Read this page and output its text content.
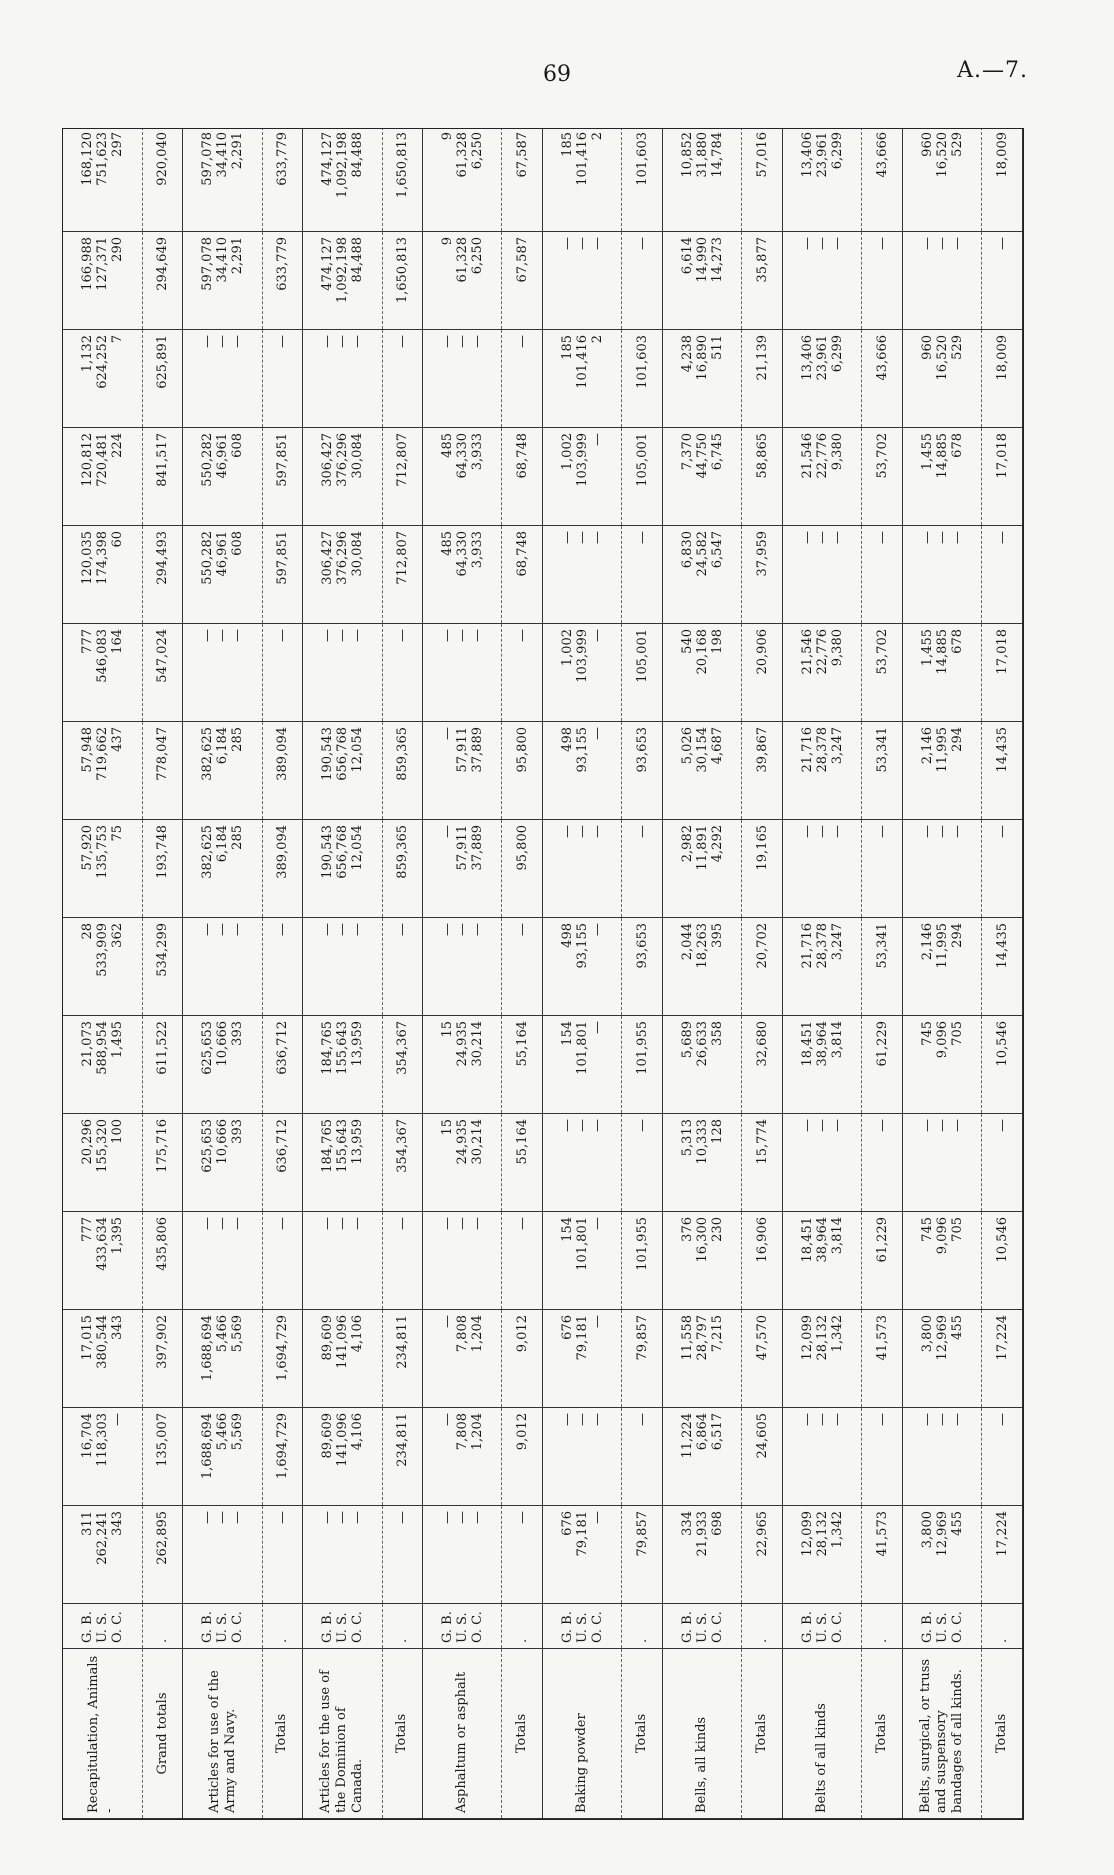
69	A.—7.
Recapitulation, Animals -	G. B.
U. S.
O. C.	311
262,241
343	16,704
118,303
—	17,015
380,544
343	777
433,634
1,395	20,296
155,320
100	21,073
588,954
1,495	28
533,909
362	57,920
135,753
75	57,948
719,662
437	777
546,083
164	120,035
174,398
60	120,812
720,481
224	1,132
624,252
7	166,988
127,371
290	168,120
751,623
297
Grand totals	.	262,895	135,007	397,902	435,806	175,716	611,522	534,299	193,748	778,047	547,024	294,493	841,517	625,891	294,649	920,040
Articles for use of the Army and Navy.	G. B.
U. S.
O. C.	—
—
—	1,688,694
5,466
5,569	1,688,694
5,466
5,569	—
—
—	625,653
10,666
393	625,653
10,666
393	—
—
—	382,625
6,184
285	382,625
6,184
285	—
—
—	550,282
46,961
608	550,282
46,961
608	—
—
—	597,078
34,410
2,291	597,078
34,410
2,291
Totals	.	—	1,694,729	1,694,729	—	636,712	636,712	—	389,094	389,094	—	597,851	597,851	—	633,779	633,779
Articles for the use of the Dominion of Canada.	G. B.
U. S.
O. C.	—
—
—	89,609
141,096
4,106	89,609
141,096
4,106	—
—
—	184,765
155,643
13,959	184,765
155,643
13,959	—
—
—	190,543
656,768
12,054	190,543
656,768
12,054	—
—
—	306,427
376,296
30,084	306,427
376,296
30,084	—
—
—	474,127
1,092,198
84,488	474,127
1,092,198
84,488
Totals	.	—	234,811	234,811	—	354,367	354,367	—	859,365	859,365	—	712,807	712,807	—	1,650,813	1,650,813
Asphaltum or asphalt	G. B.
U. S.
O. C.	—
—
—	—
7,808
1,204	—
7,808
1,204	—
—
—	15
24,935
30,214	15
24,935
30,214	—
—
—	—
57,911
37,889	—
57,911
37,889	—
—
—	485
64,330
3,933	485
64,330
3,933	—
—
—	9
61,328
6,250	9
61,328
6,250
Totals	.	—	9,012	9,012	—	55,164	55,164	—	95,800	95,800	—	68,748	68,748	—	67,587	67,587
Baking powder	G. B.
U. S.
O. C.	676
79,181
—	—
—
—	676
79,181
—	154
101,801
—	—
—
—	154
101,801
—	498
93,155
—	—
—
—	498
93,155
—	1,002
103,999
—	—
—
—	1,002
103,999
—	185
101,416
2	—
—
—	185
101,416
2
Totals	.	79,857	—	79,857	101,955	—	101,955	93,653	—	93,653	105,001	—	105,001	101,603	—	101,603
Bells, all kinds	G. B.
U. S.
O. C.	334
21,933
698	11,224
6,864
6,517	11,558
28,797
7,215	376
16,300
230	5,313
10,333
128	5,689
26,633
358	2,044
18,263
395	2,982
11,891
4,292	5,026
30,154
4,687	540
20,168
198	6,830
24,582
6,547	7,370
44,750
6,745	4,238
16,890
511	6,614
14,990
14,273	10,852
31,880
14,784
Totals	.	22,965	24,605	47,570	16,906	15,774	32,680	20,702	19,165	39,867	20,906	37,959	58,865	21,139	35,877	57,016
Belts of all kinds	G. B.
U. S.
O. C.	12,099
28,132
1,342	—
—
—	12,099
28,132
1,342	18,451
38,964
3,814	—
—
—	18,451
38,964
3,814	21,716
28,378
3,247	—
—
—	21,716
28,378
3,247	21,546
22,776
9,380	—
—
—	21,546
22,776
9,380	13,406
23,961
6,299	—
—
—	13,406
23,961
6,299
Totals	.	41,573	—	41,573	61,229	—	61,229	53,341	—	53,341	53,702	—	53,702	43,666	—	43,666
Belts, surgical, or truss and suspensory bandages of all kinds.	G. B.
U. S.
O. C.	3,800
12,969
455	—
—
—	3,800
12,969
455	745
9,096
705	—
—
—	745
9,096
705	2,146
11,995
294	—
—
—	2,146
11,995
294	1,455
14,885
678	—
—
—	1,455
14,885
678	960
16,520
529	—
—
—	960
16,520
529
Totals	.	17,224	—	17,224	10,546	—	10,546	14,435	—	14,435	17,018	—	17,018	18,009	—	18,009
